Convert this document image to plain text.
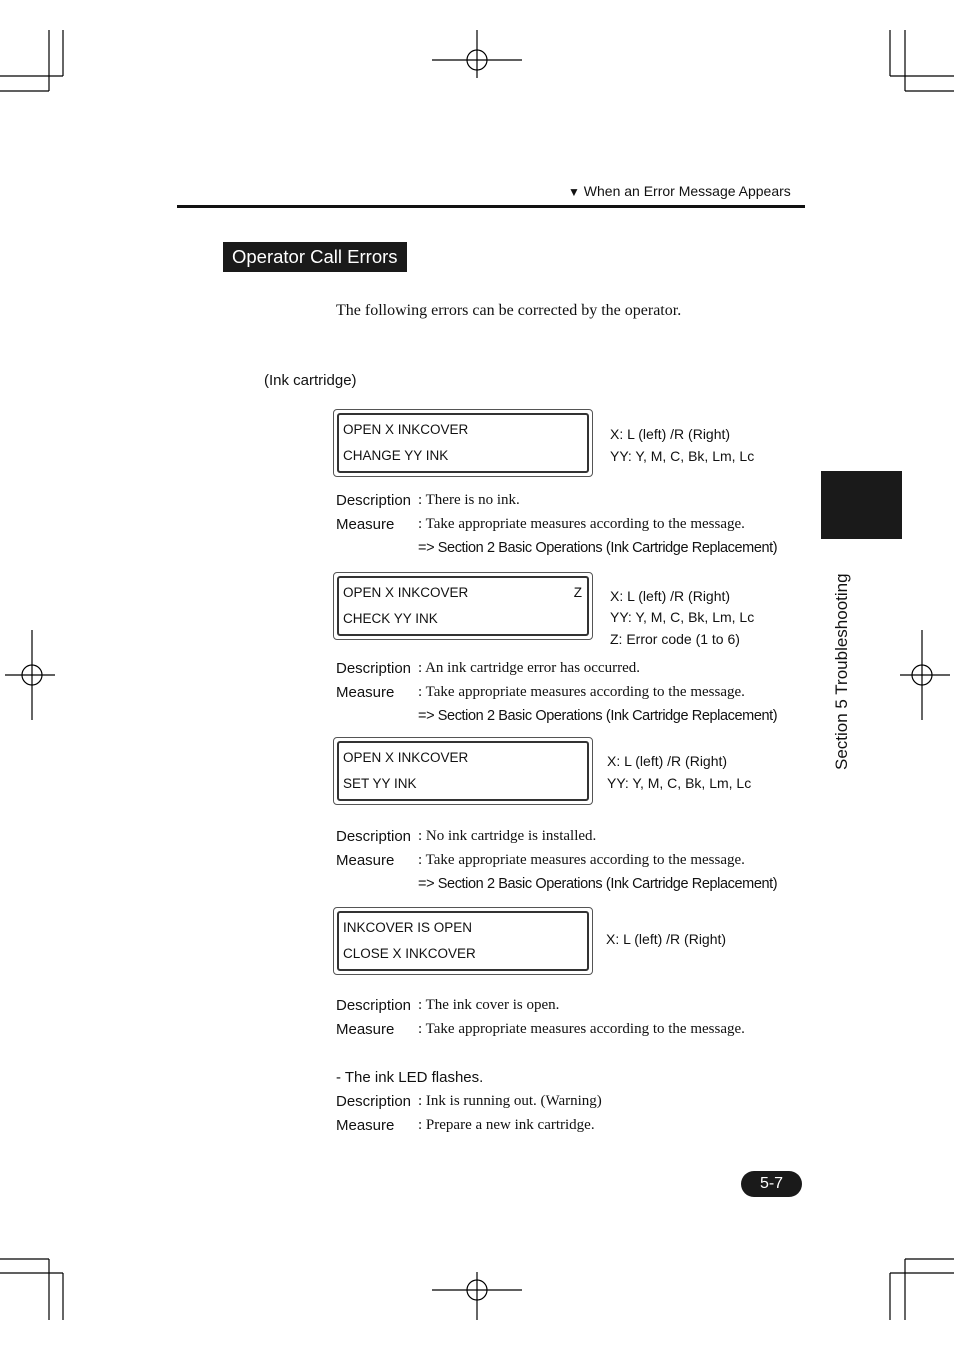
▼ When an Error Message Appears
Operator Call Errors
The following errors can be corrected by the operator.
(Ink cartridge)
OPEN X INKCOVER
CHANGE YY INK
X: L (left) /R (Right)
YY: Y, M, C, Bk, Lm, Lc
Description : There is no ink.
Measure : Take appropriate measures according to the message.
=> Section 2 Basic Operations (Ink Cartridge Replacement)
OPEN X INKCOVER	Z
CHECK YY INK
X: L (left) /R (Right)
YY: Y, M, C, Bk, Lm, Lc
Z: Error code (1 to 6)
Description : An ink cartridge error has occurred.
Measure : Take appropriate measures according to the message.
=> Section 2 Basic Operations (Ink Cartridge Replacement)
OPEN X INKCOVER
SET YY INK
X: L (left) /R (Right)
YY: Y, M, C, Bk, Lm, Lc
Description : No ink cartridge is installed.
Measure : Take appropriate measures according to the message.
=> Section 2 Basic Operations (Ink Cartridge Replacement)
INKCOVER IS OPEN
CLOSE X INKCOVER
X: L (left) /R (Right)
Description : The ink cover is open.
Measure : Take appropriate measures according to the message.
- The ink LED flashes.
Description : Ink is running out. (Warning)
Measure : Prepare a new ink cartridge.
Section 5 Troubleshooting
5-7
